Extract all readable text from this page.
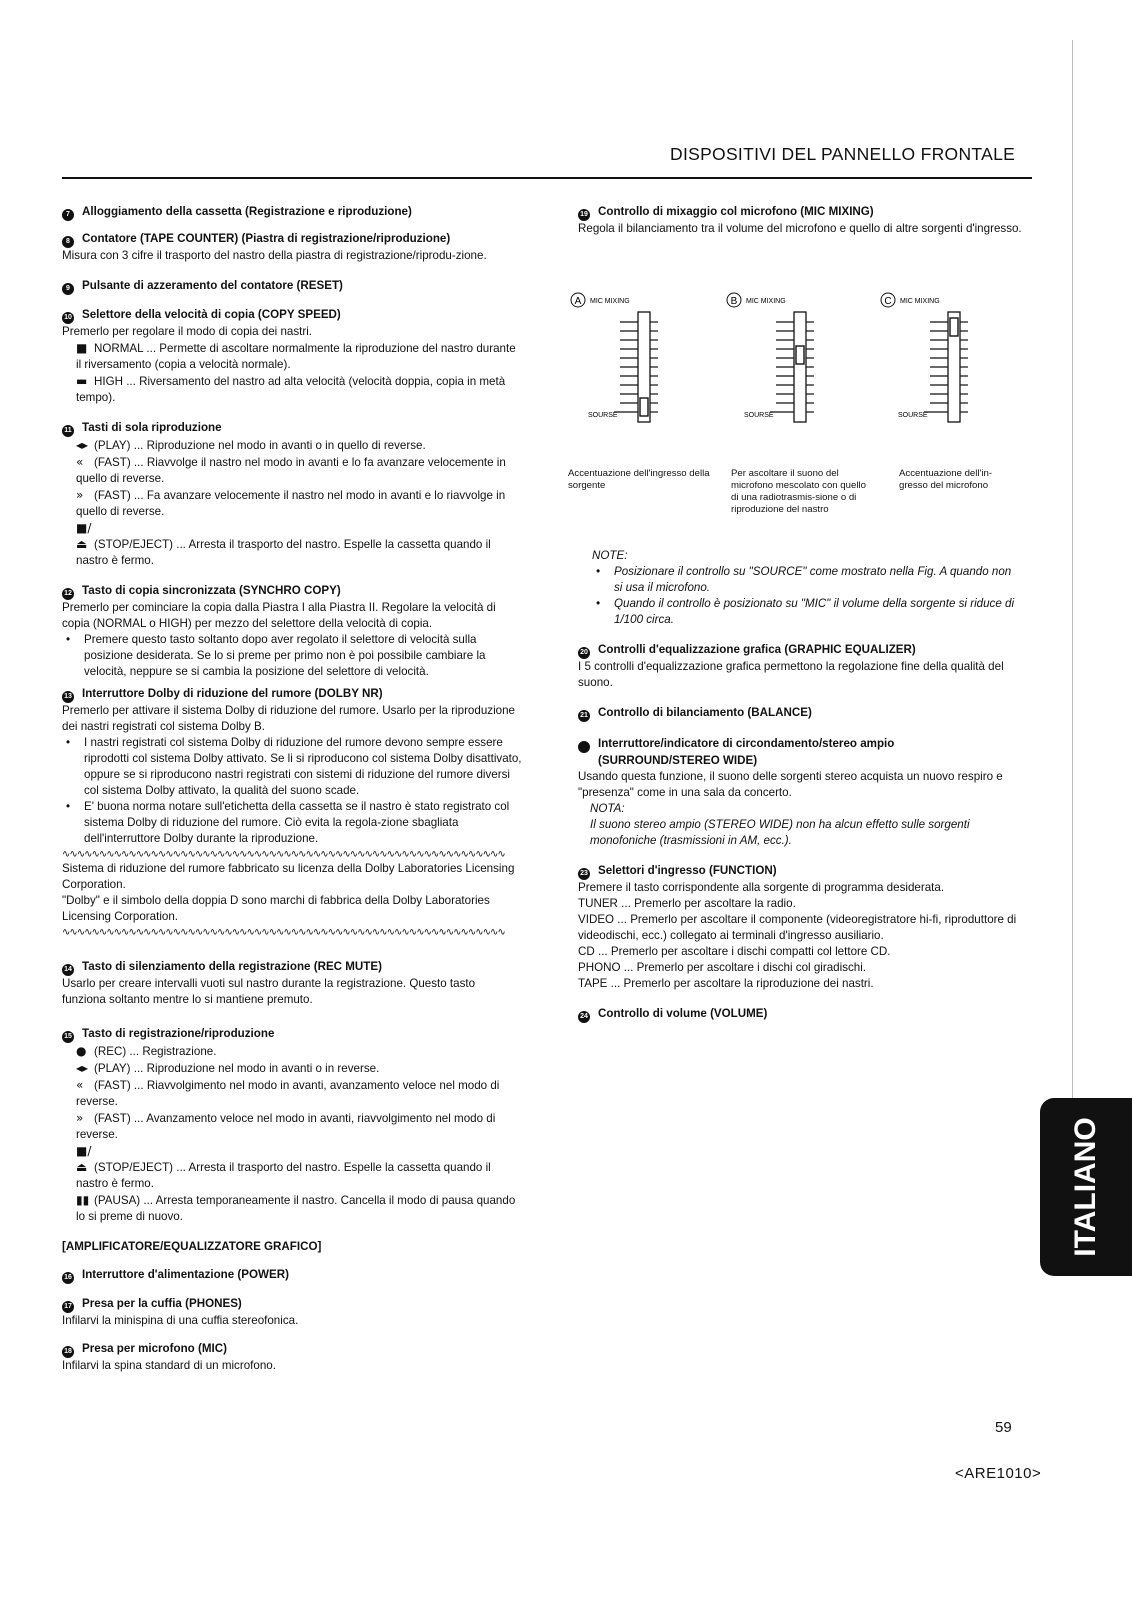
DISPOSITIVI DEL PANNELLO FRONTALE
7 Alloggiamento della cassetta (Registrazione e riproduzione)
8 Contatore (TAPE COUNTER) (Piastra di registrazione/riproduzione)

Misura con 3 cifre il trasporto del nastro della piastra di registrazione/riprodu-zione.

9 Pulsante di azzeramento del contatore (RESET)
10 Selettore della velocità di copia (COPY SPEED)

Premerlo per regolare il modo di copia dei nastri.

■ NORMAL ... Permette di ascoltare normalmente la riproduzione del nastro durante il riversamento (copia a velocità normale).
▬ HIGH ... Riversamento del nastro ad alta velocità (velocità doppia, copia in metà tempo).
11 Tasti di sola riproduzione
◂▸ (PLAY) ... Riproduzione nel modo in avanti o in quello di reverse.
« (FAST) ... Riavvolge il nastro nel modo in avanti e lo fa avanzare velocemente in quello di reverse.
» (FAST) ... Fa avanzare velocemente il nastro nel modo in avanti e lo riavvolge in quello di reverse.
■/⏏ (STOP/EJECT) ... Arresta il trasporto del nastro. Espelle la cassetta quando il nastro è fermo.
12 Tasto di copia sincronizzata (SYNCHRO COPY)

Premerlo per cominciare la copia dalla Piastra I alla Piastra II. Regolare la velocità di copia (NORMAL o HIGH) per mezzo del selettore della velocità di copia.

• Premere questo tasto soltanto dopo aver regolato il selettore di velocità sulla posizione desiderata. Se lo si preme per primo non è poi possibile cambiare la velocità, neppure se si cambia la posizione del selettore di velocità.

13 Interruttore Dolby di riduzione del rumore (DOLBY NR)

Premerlo per attivare il sistema Dolby di riduzione del rumore. Usarlo per la riproduzione dei nastri registrati col sistema Dolby B.

• I nastri registrati col sistema Dolby di riduzione del rumore devono sempre essere riprodotti col sistema Dolby attivato. Se li si riproducono col sistema Dolby disattivato, oppure se si riproducono nastri registrati con sistemi di riduzione del rumore diversi col sistema Dolby attivato, la qualità del suono scade.

• E' buona norma notare sull'etichetta della cassetta se il nastro è stato registrato col sistema Dolby di riduzione del rumore. Ciò evita la regola-zione sbagliata dell'interruttore Dolby durante la riproduzione.

∿∿∿∿∿∿∿∿∿∿∿∿∿∿∿∿∿∿∿∿∿∿∿∿∿∿∿∿∿∿∿∿∿∿∿∿∿∿∿∿∿∿∿∿∿∿∿∿∿∿∿∿∿∿∿∿∿∿∿∿

Sistema di riduzione del rumore fabbricato su licenza della Dolby Laboratories Licensing Corporation.

"Dolby" e il simbolo della doppia D sono marchi di fabbrica della Dolby Laboratories Licensing Corporation.

∿∿∿∿∿∿∿∿∿∿∿∿∿∿∿∿∿∿∿∿∿∿∿∿∿∿∿∿∿∿∿∿∿∿∿∿∿∿∿∿∿∿∿∿∿∿∿∿∿∿∿∿∿∿∿∿∿∿∿∿
14 Tasto di silenziamento della registrazione (REC MUTE)

Usarlo per creare intervalli vuoti sul nastro durante la registrazione. Questo tasto funziona soltanto mentre lo si mantiene premuto.

15 Tasto di registrazione/riproduzione
● (REC) ... Registrazione.
◂▸ (PLAY) ... Riproduzione nel modo in avanti o in reverse.
« (FAST) ... Riavvolgimento nel modo in avanti, avanzamento veloce nel modo di reverse.
» (FAST) ... Avanzamento veloce nel modo in avanti, riavvolgimento nel modo di reverse.
■/⏏ (STOP/EJECT) ... Arresta il trasporto del nastro. Espelle la cassetta quando il nastro è fermo.
▮▮ (PAUSA) ... Arresta temporaneamente il nastro. Cancella il modo di pausa quando lo si preme di nuovo.
[AMPLIFICATORE/EQUALIZZATORE GRAFICO]
16 Interruttore d'alimentazione (POWER)
17 Presa per la cuffia (PHONES)

Infilarvi la minispina di una cuffia stereofonica.

18 Presa per microfono (MIC)

Infilarvi la spina standard di un microfono.

19 Controllo di mixaggio col microfono (MIC MIXING)

Regola il bilanciamento tra il volume del microfono e quello di altre sorgenti d'ingresso.

A MIC MIXING
SOURSE
Accentuazione dell'ingresso della sorgente
B MIC MIXING
SOURSE
Per ascoltare il suono del microfono mescolato con quello di una radiotrasmis-sione o di riproduzione del nastro
C MIC MIXING
SOURSE
Accentuazione dell'in-gresso del microfono

NOTE:

• Posizionare il controllo su "SOURCE" come mostrato nella Fig. A quando non si usa il microfono.

• Quando il controllo è posizionato su "MIC" il volume della sorgente si riduce di 1/100 circa.

20 Controlli d'equalizzazione grafica (GRAPHIC EQUALIZER)

I 5 controlli d'equalizzazione grafica permettono la regolazione fine della qualità del suono.

21 Controllo di bilanciamento (BALANCE)
22 Interruttore/indicatore di circondamento/stereo ampio (SURROUND/STEREO WIDE)

Usando questa funzione, il suono delle sorgenti stereo acquista un nuovo respiro e "presenza" come in una sala da concerto.

NOTA:

Il suono stereo ampio (STEREO WIDE) non ha alcun effetto sulle sorgenti monofoniche (trasmissioni in AM, ecc.).

23 Selettori d'ingresso (FUNCTION)

Premere il tasto corrispondente alla sorgente di programma desiderata.

TUNER ... Premerlo per ascoltare la radio.

VIDEO ... Premerlo per ascoltare il componente (videoregistratore hi-fi, riproduttore di videodischi, ecc.) collegato ai terminali d'ingresso ausiliario.

CD ... Premerlo per ascoltare i dischi compatti col lettore CD.

PHONO ... Premerlo per ascoltare i dischi col giradischi.

TAPE ... Premerlo per ascoltare la riproduzione dei nastri.

24 Controllo di volume (VOLUME)
ITALIANO
59
<ARE1010>
